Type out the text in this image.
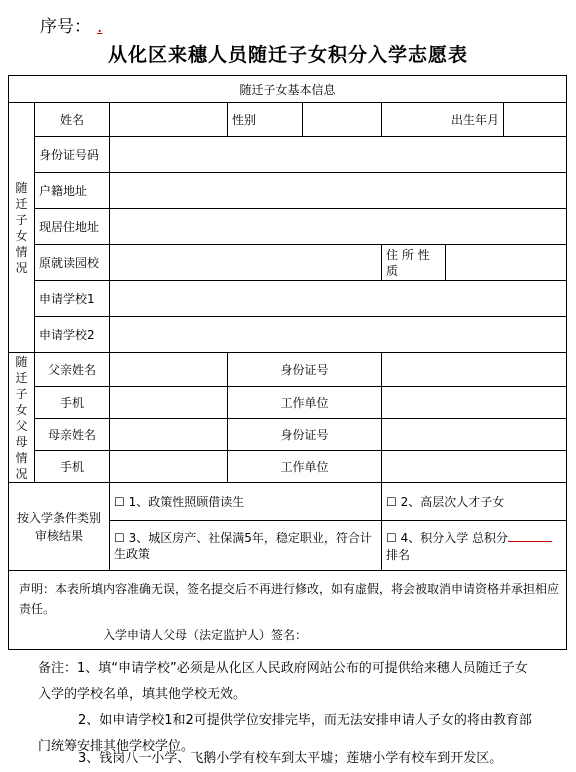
序号： .
从化区来穗人员随迁子女积分入学志愿表
随迁子女基本信息							

随迁子女情况	姓名		性别		出生年月		
	身份证号码						
	户籍地址						
	现居住地址						
	原就读园校				住 所 性质		
	申请学校1						
	申请学校2						

随迁子女父母情况	父亲姓名		身份证号				
	手机		工作单位				
	母亲姓名		身份证号				
	手机		工作单位				
按入学条件类别审核结果		☐ 1、政策性照顾借读生			☐ 2、高层次人才子女		
		☐ 3、城区房产、社保满5年，稳定职业，符合计生政策			☐ 4、积分入学 总积分排名		

声明：本表所填内容准确无误，签名提交后不再进行修改，如有虚假，将会被取消申请资格并承担相应责任。
入学申请人父母（法定监护人）签名：							
备注：1、填“申请学校”必须是从化区人民政府网站公布的可提供给来穗人员随迁子女入学的学校名单，填其他学校无效。
2、如申请学校1和2可提供学位安排完毕，而无法安排申请人子女的将由教育部门统筹安排其他学校学位。
3、钱岗八一小学、飞鹅小学有校车到太平墟；莲塘小学有校车到开发区。
